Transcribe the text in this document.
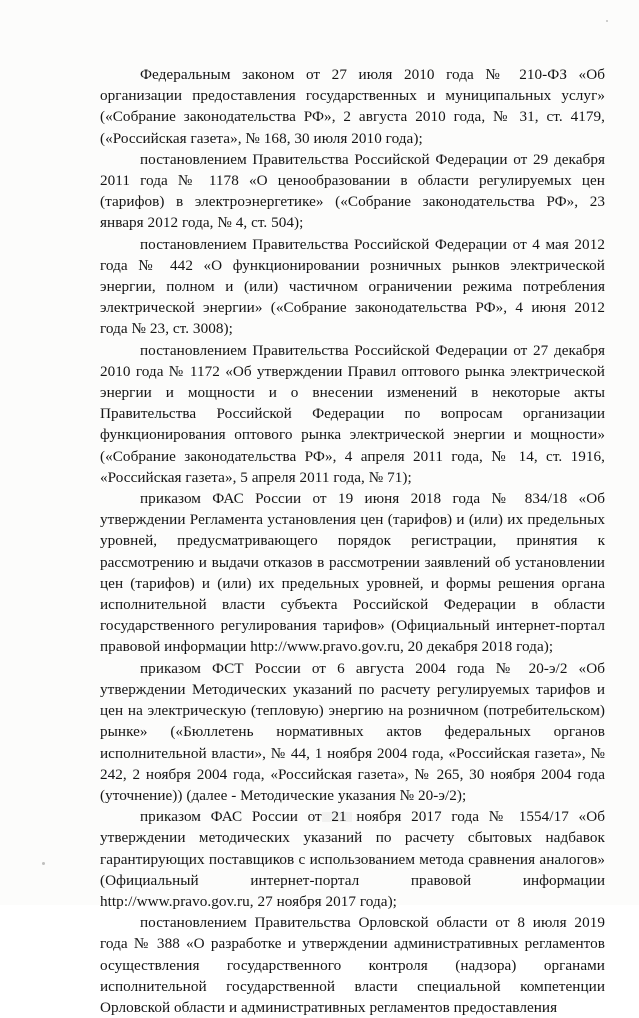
Федеральным законом от 27 июля 2010 года № 210-ФЗ «Об организации предоставления государственных и муниципальных услуг» («Собрание законодательства РФ», 2 августа 2010 года, № 31, ст. 4179, («Российская газета», № 168, 30 июля 2010 года);

постановлением Правительства Российской Федерации от 29 декабря 2011 года № 1178 «О ценообразовании в области регулируемых цен (тарифов) в электроэнергетике» («Собрание законодательства РФ», 23 января 2012 года, № 4, ст. 504);

постановлением Правительства Российской Федерации от 4 мая 2012 года № 442 «О функционировании розничных рынков электрической энергии, полном и (или) частичном ограничении режима потребления электрической энергии» («Собрание законодательства РФ», 4 июня 2012 года № 23, ст. 3008);

постановлением Правительства Российской Федерации от 27 декабря 2010 года № 1172 «Об утверждении Правил оптового рынка электрической энергии и мощности и о внесении изменений в некоторые акты Правительства Российской Федерации по вопросам организации функционирования оптового рынка электрической энергии и мощности» («Собрание законодательства РФ», 4 апреля 2011 года, № 14, ст. 1916, «Российская газета», 5 апреля 2011 года, № 71);

приказом ФАС России от 19 июня 2018 года № 834/18 «Об утверждении Регламента установления цен (тарифов) и (или) их предельных уровней, предусматривающего порядок регистрации, принятия к рассмотрению и выдачи отказов в рассмотрении заявлений об установлении цен (тарифов) и (или) их предельных уровней, и формы решения органа исполнительной власти субъекта Российской Федерации в области государственного регулирования тарифов» (Официальный интернет-портал правовой информации http://www.pravo.gov.ru, 20 декабря 2018 года);

приказом ФСТ России от 6 августа 2004 года № 20-э/2 «Об утверждении Методических указаний по расчету регулируемых тарифов и цен на электрическую (тепловую) энергию на розничном (потребительском) рынке» («Бюллетень нормативных актов федеральных органов исполнительной власти», № 44, 1 ноября 2004 года, «Российская газета», № 242, 2 ноября 2004 года, «Российская газета», № 265, 30 ноября 2004 года (уточнение)) (далее - Методические указания № 20-э/2);

приказом ФАС России от 21 ноября 2017 года № 1554/17 «Об утверждении методических указаний по расчету сбытовых надбавок гарантирующих поставщиков с использованием метода сравнения аналогов» (Официальный интернет-портал правовой информации http://www.pravo.gov.ru, 27 ноября 2017 года);

постановлением Правительства Орловской области от 8 июля 2019 года № 388 «О разработке и утверждении административных регламентов осуществления государственного контроля (надзора) органами исполнительной государственной власти специальной компетенции Орловской области и административных регламентов предоставления
